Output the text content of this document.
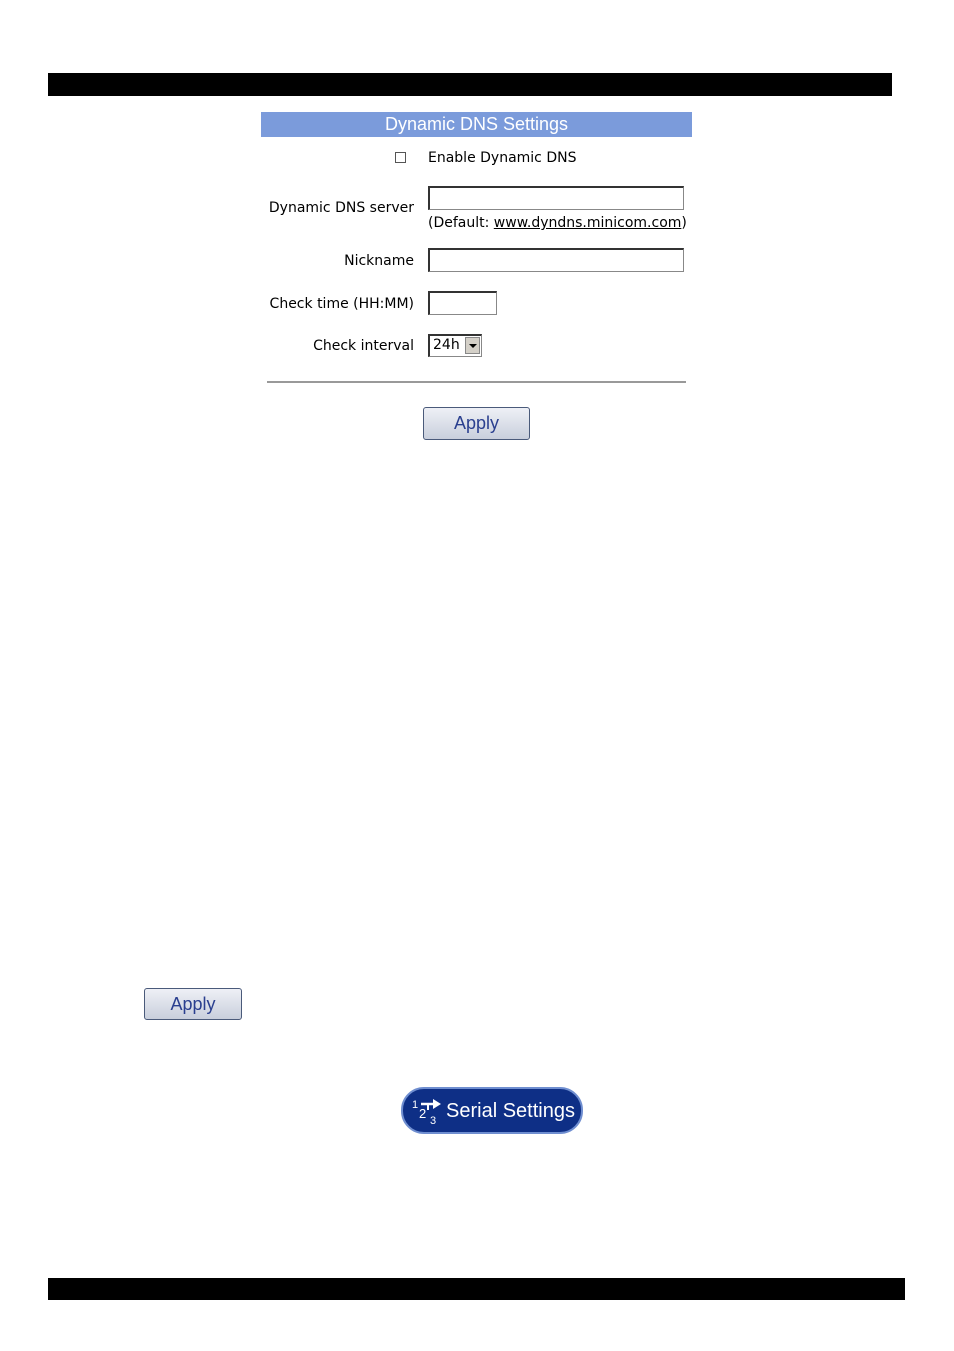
Dynamic DNS Settings
Enable Dynamic DNS
Dynamic DNS server
(Default: www.dyndns.minicom.com)
Nickname
Check time (HH:MM)
Check interval	24h
Apply
Apply
1
2 3 Serial Settings
